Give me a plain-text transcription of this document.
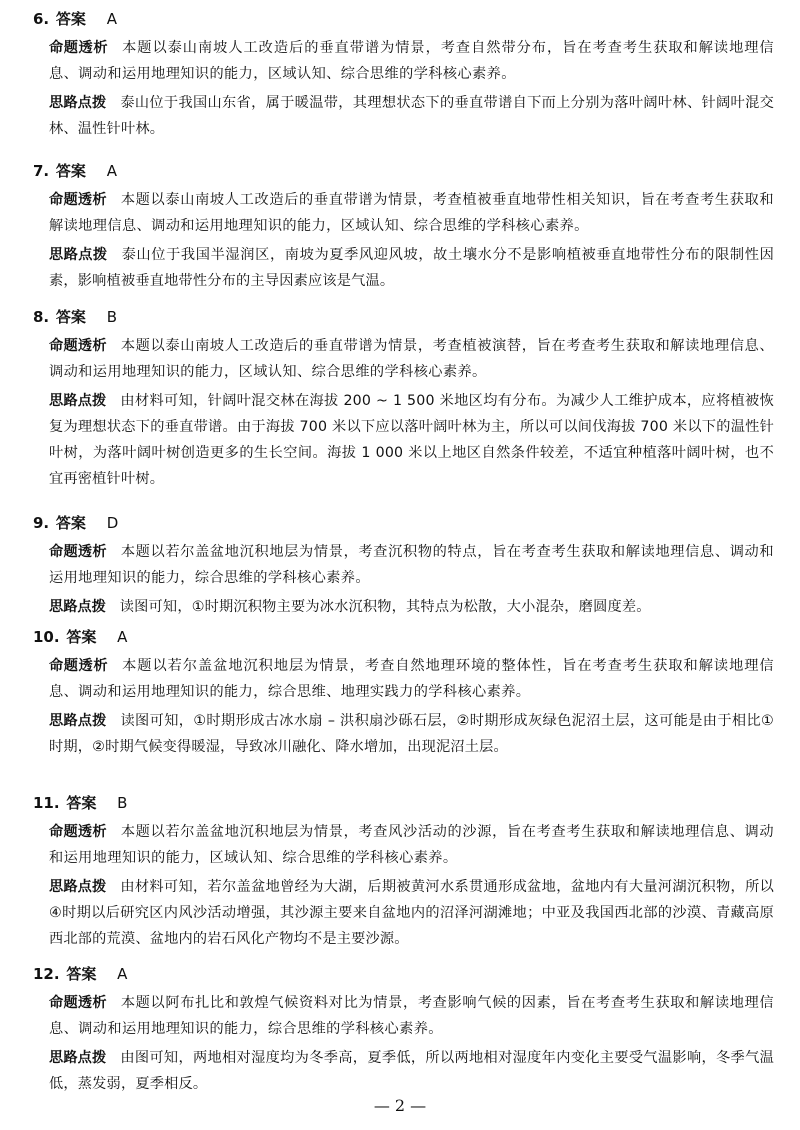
6. 答案 A
命题透析 本题以泰山南坡人工改造后的垂直带谱为情景，考查自然带分布，旨在考查考生获取和解读地理信息、调动和运用地理知识的能力，区域认知、综合思维的学科核心素养。
思路点拨 泰山位于我国山东省，属于暖温带，其理想状态下的垂直带谱自下而上分别为落叶阔叶林、针阔叶混交林、温性针叶林。
7. 答案 A
命题透析 本题以泰山南坡人工改造后的垂直带谱为情景，考查植被垂直地带性相关知识，旨在考查考生获取和解读地理信息、调动和运用地理知识的能力，区域认知、综合思维的学科核心素养。
思路点拨 泰山位于我国半湿润区，南坡为夏季风迎风坡，故土壤水分不是影响植被垂直地带性分布的限制性因素，影响植被垂直地带性分布的主导因素应该是气温。
8. 答案 B
命题透析 本题以泰山南坡人工改造后的垂直带谱为情景，考查植被演替，旨在考查考生获取和解读地理信息、调动和运用地理知识的能力，区域认知、综合思维的学科核心素养。
思路点拨 由材料可知，针阔叶混交林在海拔 200 ~ 1 500 米地区均有分布。为减少人工维护成本，应将植被恢复为理想状态下的垂直带谱。由于海拔 700 米以下应以落叶阔叶林为主，所以可以间伐海拔 700 米以下的温性针叶树，为落叶阔叶树创造更多的生长空间。海拔 1 000 米以上地区自然条件较差，不适宜种植落叶阔叶树，也不宜再密植针叶树。
9. 答案 D
命题透析 本题以若尔盖盆地沉积地层为情景，考查沉积物的特点，旨在考查考生获取和解读地理信息、调动和运用地理知识的能力，综合思维的学科核心素养。
思路点拨 读图可知，①时期沉积物主要为冰水沉积物，其特点为松散，大小混杂，磨圆度差。
10. 答案 A
命题透析 本题以若尔盖盆地沉积地层为情景，考查自然地理环境的整体性，旨在考查考生获取和解读地理信息、调动和运用地理知识的能力，综合思维、地理实践力的学科核心素养。
思路点拨 读图可知，①时期形成古冰水扇 – 洪积扇沙砾石层，②时期形成灰绿色泥沼土层，这可能是由于相比①时期，②时期气候变得暖湿，导致冰川融化、降水增加，出现泥沼土层。
11. 答案 B
命题透析 本题以若尔盖盆地沉积地层为情景，考查风沙活动的沙源，旨在考查考生获取和解读地理信息、调动和运用地理知识的能力，区域认知、综合思维的学科核心素养。
思路点拨 由材料可知，若尔盖盆地曾经为大湖，后期被黄河水系贯通形成盆地，盆地内有大量河湖沉积物，所以④时期以后研究区内风沙活动增强，其沙源主要来自盆地内的沼泽河湖滩地；中亚及我国西北部的沙漠、青藏高原西北部的荒漠、盆地内的岩石风化产物均不是主要沙源。
12. 答案 A
命题透析 本题以阿布扎比和敦煌气候资料对比为情景，考查影响气候的因素，旨在考查考生获取和解读地理信息、调动和运用地理知识的能力，综合思维的学科核心素养。
思路点拨 由图可知，两地相对湿度均为冬季高，夏季低，所以两地相对湿度年内变化主要受气温影响，冬季气温低，蒸发弱，夏季相反。
— 2 —
